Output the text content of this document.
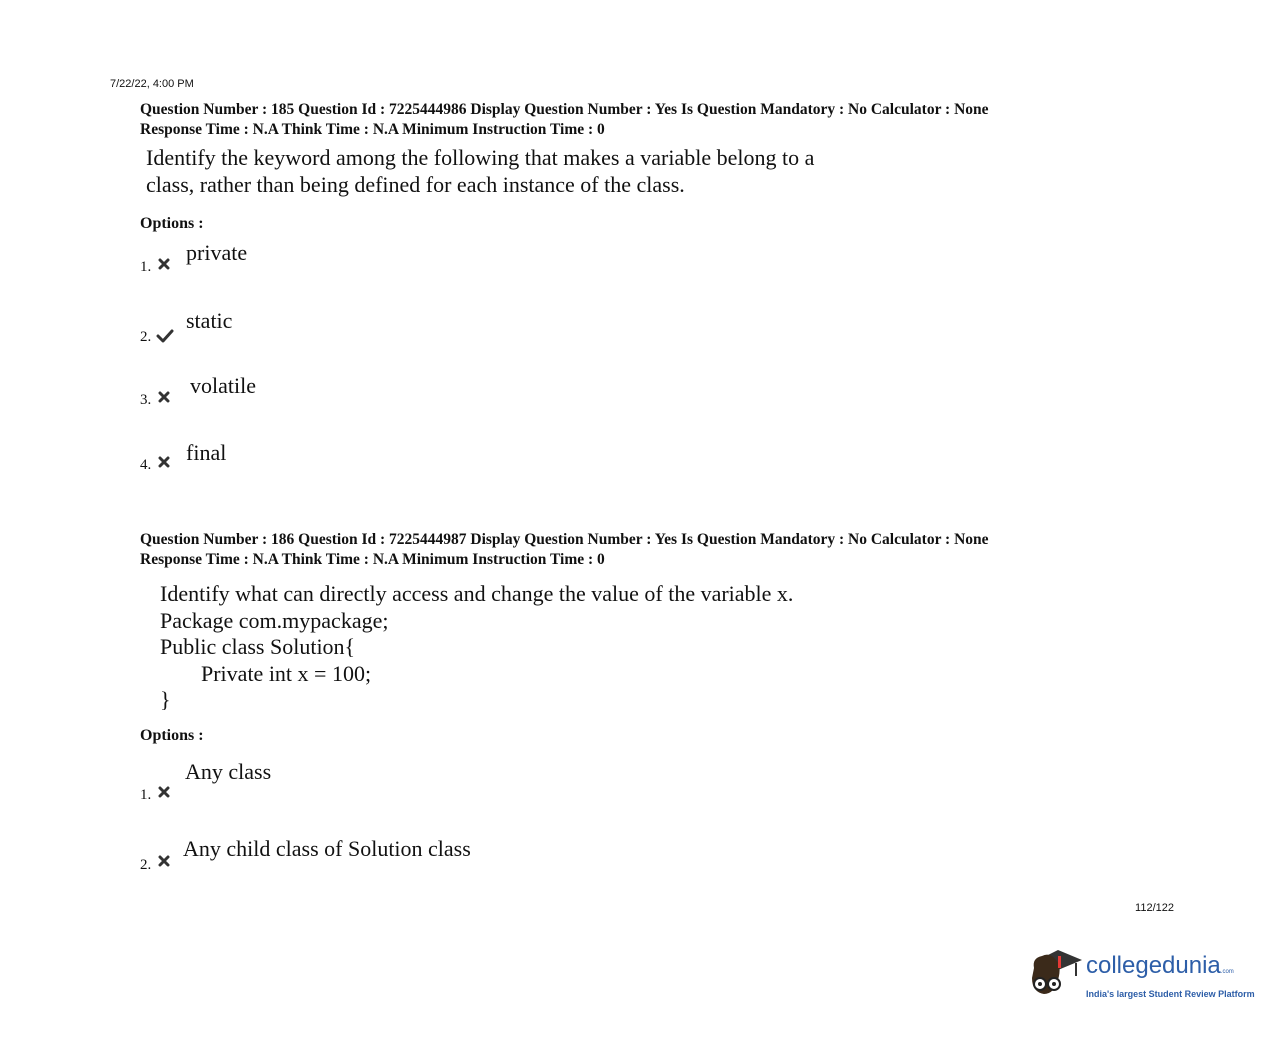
7/22/22, 4:00 PM
Question Number : 185 Question Id : 7225444986 Display Question Number : Yes Is Question Mandatory : No Calculator : None
Response Time : N.A Think Time : N.A Minimum Instruction Time : 0
Identify the keyword among the following that makes a variable belong to a
class, rather than being defined for each instance of the class.
Options :
1.
private
2.
static
3.
volatile
4. final
Question Number : 186 Question Id : 7225444987 Display Question Number : Yes Is Question Mandatory : No Calculator : None
Response Time : N.A Think Time : N.A Minimum Instruction Time : 0
Identify what can directly access and change the value of the variable x.
Package com.mypackage;
Public class Solution{
Private int x = 100;
}
Options :
1.
Any class
2.
Any child class of Solution class
112/122
collegedunia.com
India's largest Student Review Platform
